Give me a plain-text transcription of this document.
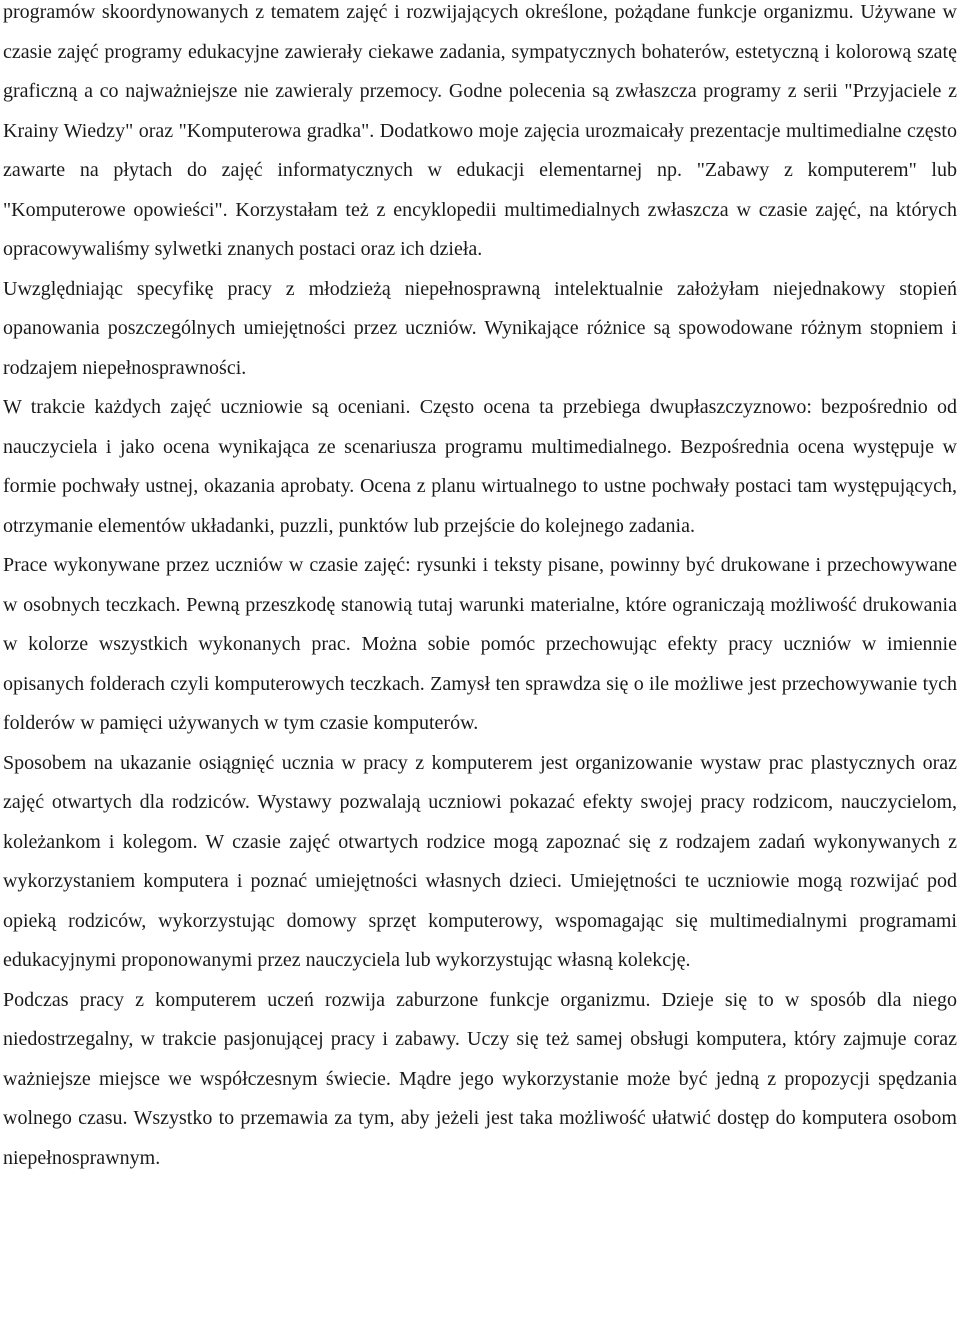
programów skoordynowanych z tematem zajęć i rozwijających określone, pożądane funkcje organizmu. Używane w czasie zajęć programy edukacyjne zawierały ciekawe zadania, sympatycznych bohaterów, estetyczną i kolorową szatę graficzną a co najważniejsze nie zawieraly przemocy. Godne polecenia są zwłaszcza programy z serii "Przyjaciele z Krainy Wiedzy" oraz "Komputerowa gradka". Dodatkowo moje zajęcia urozmaicały prezentacje multimedialne często zawarte na płytach do zajęć informatycznych w edukacji elementarnej np. "Zabawy z komputerem" lub "Komputerowe opowieści". Korzystałam też z encyklopedii multimedialnych zwłaszcza w czasie zajęć, na których opracowywaliśmy sylwetki znanych postaci oraz ich dzieła.

Uwzględniając specyfikę pracy z młodzieżą niepełnosprawną intelektualnie założyłam niejednakowy stopień opanowania poszczególnych umiejętności przez uczniów. Wynikające różnice są spowodowane różnym stopniem i rodzajem niepełnosprawności.

W trakcie każdych zajęć uczniowie są oceniani. Często ocena ta przebiega dwupłaszczyznowo: bezpośrednio od nauczyciela i jako ocena wynikająca ze scenariusza programu multimedialnego. Bezpośrednia ocena występuje w formie pochwały ustnej, okazania aprobaty. Ocena z planu wirtualnego to ustne pochwały postaci tam występujących, otrzymanie elementów układanki, puzzli, punktów lub przejście do kolejnego zadania.

Prace wykonywane przez uczniów w czasie zajęć: rysunki i teksty pisane, powinny być drukowane i przechowywane w osobnych teczkach. Pewną przeszkodę stanowią tutaj warunki materialne, które ograniczają możliwość drukowania w kolorze wszystkich wykonanych prac. Można sobie pomóc przechowując efekty pracy uczniów w imiennie opisanych folderach czyli komputerowych teczkach. Zamysł ten sprawdza się o ile możliwe jest przechowywanie tych folderów w pamięci używanych w tym czasie komputerów.

Sposobem na ukazanie osiągnięć ucznia w pracy z komputerem jest organizowanie wystaw prac plastycznych oraz zajęć otwartych dla rodziców. Wystawy pozwalają uczniowi pokazać efekty swojej pracy rodzicom, nauczycielom, koleżankom i kolegom. W czasie zajęć otwartych rodzice mogą zapoznać się z rodzajem zadań wykonywanych z wykorzystaniem komputera i poznać umiejętności własnych dzieci. Umiejętności te uczniowie mogą rozwijać pod opieką rodziców, wykorzystując domowy sprzęt komputerowy, wspomagając się multimedialnymi programami edukacyjnymi proponowanymi przez nauczyciela lub wykorzystując własną kolekcję.

Podczas pracy z komputerem uczeń rozwija zaburzone funkcje organizmu. Dzieje się to w sposób dla niego niedostrzegalny, w trakcie pasjonującej pracy i zabawy. Uczy się też samej obsługi komputera, który zajmuje coraz ważniejsze miejsce we współczesnym świecie. Mądre jego wykorzystanie może być jedną z propozycji spędzania wolnego czasu. Wszystko to przemawia za tym, aby jeżeli jest taka możliwość ułatwić dostęp do komputera osobom niepełnosprawnym.
